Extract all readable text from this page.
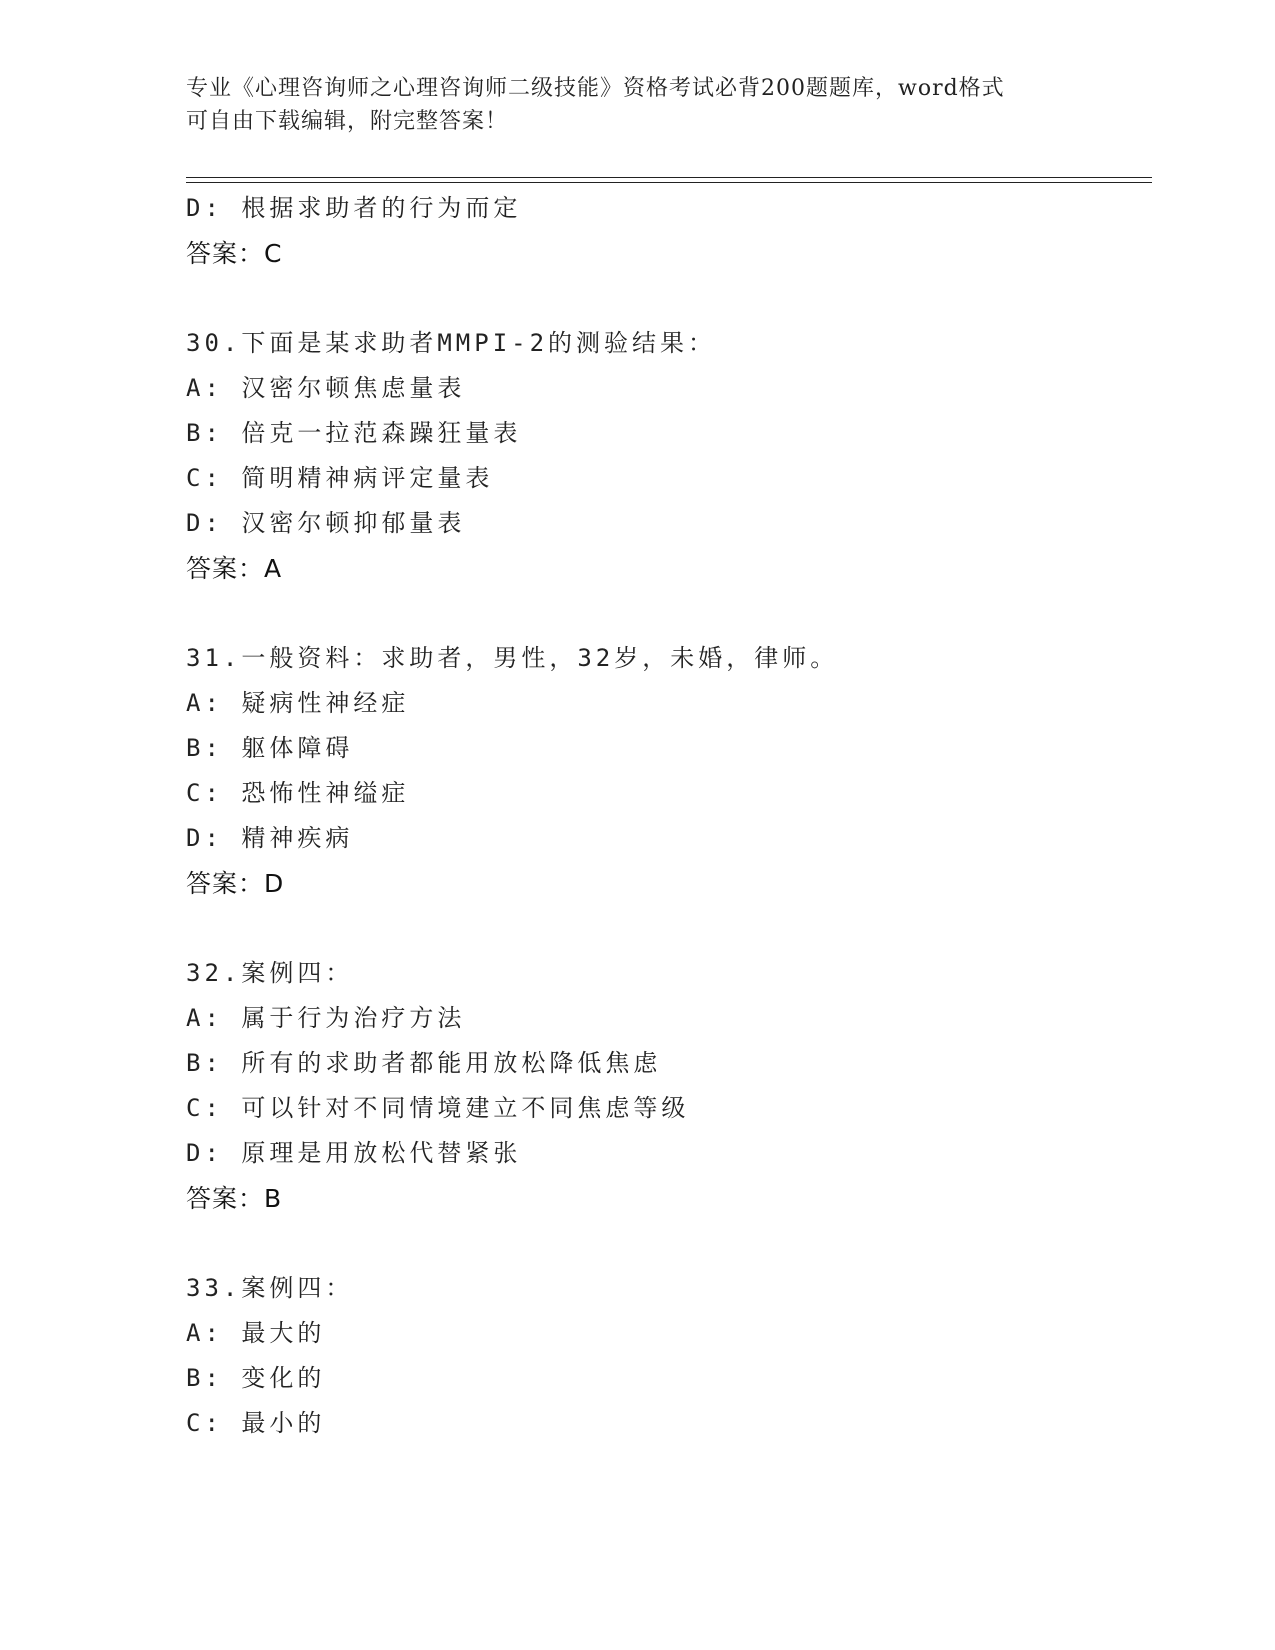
专业《心理咨询师之心理咨询师二级技能》资格考试必背200题题库，word格式
可自由下载编辑，附完整答案！
D: 根据求助者的行为而定
答案：C
30.下面是某求助者MMPI-2的测验结果：
A: 汉密尔顿焦虑量表
B: 倍克一拉范森躁狂量表
C: 简明精神病评定量表
D: 汉密尔顿抑郁量表
答案：A
31.一般资料：求助者，男性，32岁，未婚，律师。
A: 疑病性神经症
B: 躯体障碍
C: 恐怖性神缢症
D: 精神疾病
答案：D
32.案例四：
A: 属于行为治疗方法
B: 所有的求助者都能用放松降低焦虑
C: 可以针对不同情境建立不同焦虑等级
D: 原理是用放松代替紧张
答案：B
33.案例四：
A: 最大的
B: 变化的
C: 最小的
